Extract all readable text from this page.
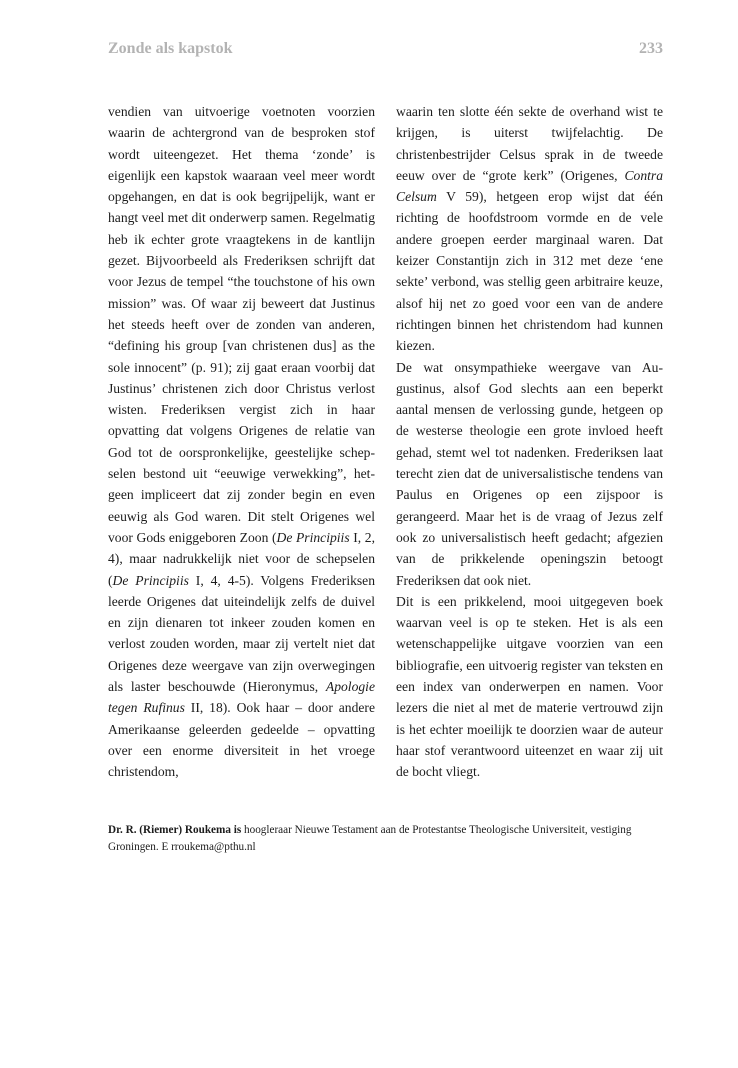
Zonde als kapstok	233

vendien van uitvoerige voetnoten voorzien waarin de achtergrond van de besproken stof wordt uiteengezet. Het thema ‘zonde’ is eigenlijk een kapstok waaraan veel meer wordt opgehangen, en dat is ook begrijpelijk, want er hangt veel met dit onderwerp samen. Regelmatig heb ik echter grote vraagtekens in de kantlijn gezet. Bijvoorbeeld als Frederiksen schrijft dat voor Jezus de tempel “the touchstone of his own mission” was. Of waar zij beweert dat Justinus het steeds heeft over de zonden van anderen, “defining his group [van christenen dus] as the sole innocent” (p. 91); zij gaat eraan voorbij dat Justinus’ christenen zich door Christus verlost wisten. Frederiksen vergist zich in haar opvatting dat volgens Origenes de relatie van God tot de oorspronkelijke, geestelijke schepselen bestond uit “eeuwige verwekking”, hetgeen impliceert dat zij zonder begin en even eeuwig als God waren. Dit stelt Origenes wel voor Gods eniggeboren Zoon (De Principiis I, 2, 4), maar nadrukkelijk niet voor de schepselen (De Principiis I, 4, 4-5). Volgens Frederiksen leerde Origenes dat uiteindelijk zelfs de duivel en zijn dienaren tot inkeer zouden komen en verlost zouden worden, maar zij vertelt niet dat Origenes deze weergave van zijn overwegingen als laster beschouwde (Hieronymus, Apologie tegen Rufinus II, 18). Ook haar – door andere Amerikaanse geleerden gedeelde – opvatting over een enorme diversiteit in het vroege christendom,

waarin ten slotte één sekte de overhand wist te krijgen, is uiterst twijfelachtig. De christenbestrijder Celsus sprak in de tweede eeuw over de “grote kerk” (Origenes, Contra Celsum V 59), hetgeen erop wijst dat één richting de hoofdstroom vormde en de vele andere groepen eerder marginaal waren. Dat keizer Constantijn zich in 312 met deze ‘ene sekte’ verbond, was stellig geen arbitraire keuze, alsof hij net zo goed voor een van de andere richtingen binnen het christendom had kunnen kiezen.

De wat onsympathieke weergave van Augustinus, alsof God slechts aan een beperkt aantal mensen de verlossing gunde, hetgeen op de westerse theologie een grote invloed heeft gehad, stemt wel tot nadenken. Frederiksen laat terecht zien dat de universalistische tendens van Paulus en Origenes op een zijspoor is gerangeerd. Maar het is de vraag of Jezus zelf ook zo universalistisch heeft gedacht; afgezien van de prikkelende openingszin betoogt Frederiksen dat ook niet.

Dit is een prikkelend, mooi uitgegeven boek waarvan veel is op te steken. Het is als een wetenschappelijke uitgave voorzien van een bibliografie, een uitvoerig register van teksten en een index van onderwerpen en namen. Voor lezers die niet al met de materie vertrouwd zijn is het echter moeilijk te doorzien waar de auteur haar stof verantwoord uiteenzet en waar zij uit de bocht vliegt.

Dr. R. (Riemer) Roukema is hoogleraar Nieuwe Testament aan de Protestantse Theologische Universiteit, vestiging Groningen. E rroukema@pthu.nl
